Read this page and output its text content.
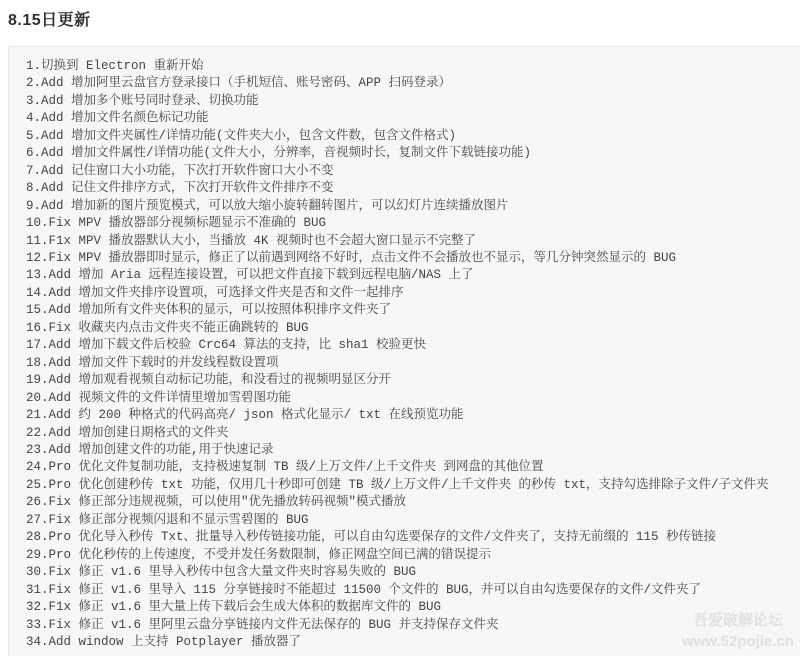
8.15日更新
1.切换到 Electron 重新开始
2.Add 增加阿里云盘官方登录接口（手机短信、账号密码、APP 扫码登录）
3.Add 增加多个账号同时登录、切换功能
4.Add 增加文件名颜色标记功能
5.Add 增加文件夹属性/详情功能(文件夹大小，包含文件数，包含文件格式)
6.Add 增加文件属性/详情功能(文件大小，分辨率，音视频时长，复制文件下载链接功能)
7.Add 记住窗口大小功能，下次打开软件窗口大小不变
8.Add 记住文件排序方式，下次打开软件文件排序不变
9.Add 增加新的图片预览模式，可以放大缩小旋转翻转图片，可以幻灯片连续播放图片
10.Fix MPV 播放器部分视频标题显示不准确的 BUG
11.F1x MPV 播放器默认大小，当播放 4K 视频时也不会超大窗口显示不完整了
12.Fix MPV 播放器即时显示，修正了以前遇到网络不好时，点击文件不会播放也不显示，等几分钟突然显示的 BUG
13.Add 增加 Aria 远程连接设置，可以把文件直接下载到远程电脑/NAS 上了
14.Add 增加文件夹排序设置项，可选择文件夹是否和文件一起排序
15.Add 增加所有文件夹体积的显示，可以按照体积排序文件夹了
16.Fix 收藏夹内点击文件夹不能正确跳转的 BUG
17.Add 增加下载文件后校验 Crc64 算法的支持，比 sha1 校验更快
18.Add 增加文件下载时的并发线程数设置项
19.Add 增加观看视频自动标记功能，和没看过的视频明显区分开
20.Add 视频文件的文件详情里增加雪碧图功能
21.Add 约 200 种格式的代码高亮/ json 格式化显示/ txt 在线预览功能
22.Add 增加创建日期格式的文件夹
23.Add 增加创建文件的功能,用于快速记录
24.Pro 优化文件复制功能，支持极速复制 TB 级/上万文件/上千文件夹 到网盘的其他位置
25.Pro 优化创建秒传 txt 功能，仅用几十秒即可创建 TB 级/上万文件/上千文件夹 的秒传 txt，支持勾选排除子文件/子文件夹
26.Fix 修正部分违规视频，可以使用"优先播放转码视频"模式播放
27.Fix 修正部分视频闪退和不显示雪碧图的 BUG
28.Pro 优化导入秒传 Txt、批量导入秒传链接功能，可以自由勾选要保存的文件/文件夹了，支持无前缀的 115 秒传链接
29.Pro 优化秒传的上传速度，不受并发任务数限制，修正网盘空间已满的错误提示
30.Fix 修正 v1.6 里导入秒传中包含大量文件夹时容易失败的 BUG
31.Fix 修正 v1.6 里导入 115 分享链接时不能超过 11500 个文件的 BUG，并可以自由勾选要保存的文件/文件夹了
32.F1x 修正 v1.6 里大量上传下载后会生成大体积的数据库文件的 BUG
33.Fix 修正 v1.6 里阿里云盘分享链接内文件无法保存的 BUG 并支持保存文件夹
34.Add window 上支持 Potplayer 播放器了
吾爱破解论坛
www.52pojie.cn
